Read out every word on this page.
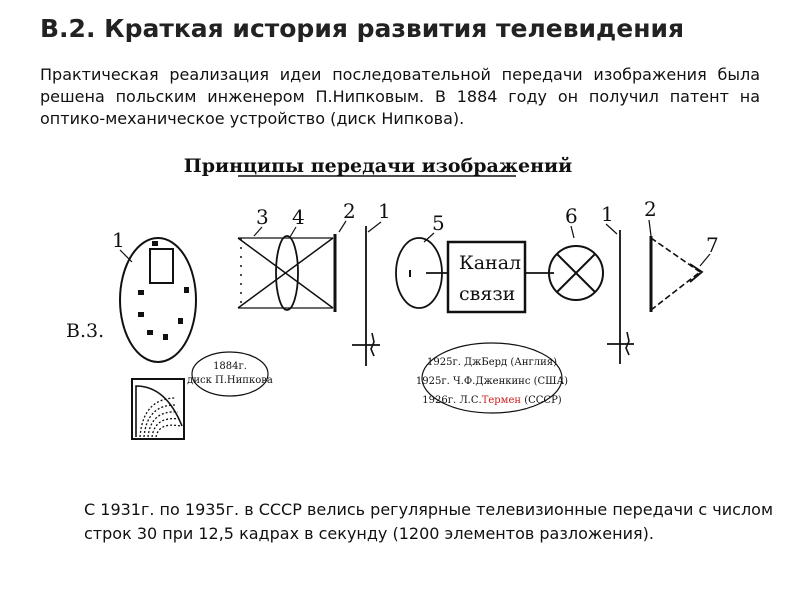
В.2. Краткая история развития телевидения
Практическая реализация идеи последовательной передачи изображения была решена польским инженером П.Нипковым. В 1884 году он получил патент на оптико-механическое устройство (диск Нипкова).
Принципы передачи изображений
В.3.
1
1884г.
диск П.Нипкова
3 4 2 1 5
Канал
связи
6 1 2
7
1925г. ДжБерд (Англия)
1925г. Ч.Ф.Дженкинс (США)
1926г. Л.С.Термен (СССР)
С 1931г. по 1935г. в СССР велись регулярные телевизионные передачи с числом строк 30 при 12,5 кадрах в секунду (1200 элементов разложения).
